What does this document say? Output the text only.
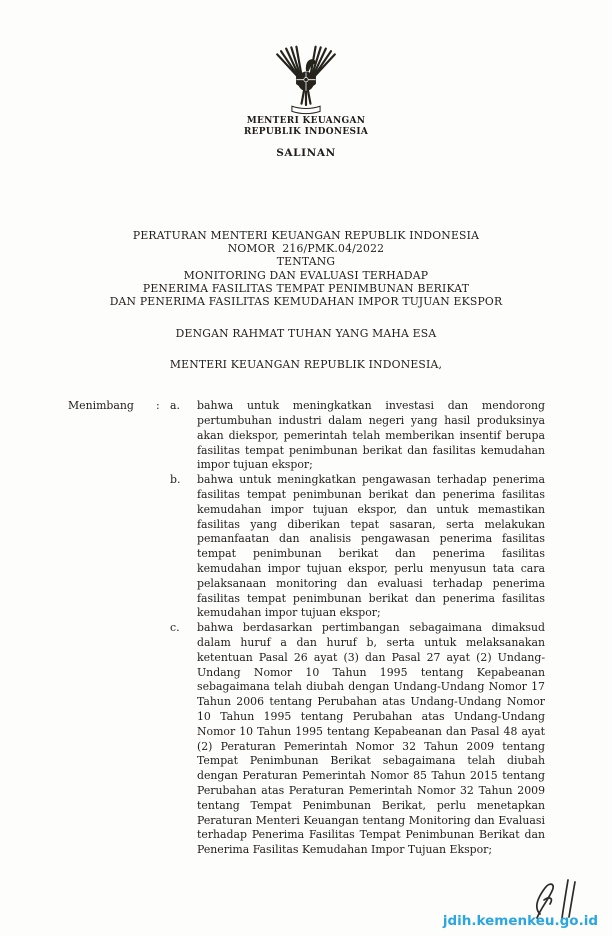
MENTERI KEUANGAN
REPUBLIK INDONESIA
SALINAN
PERATURAN MENTERI KEUANGAN REPUBLIK INDONESIA
NOMOR  216/PMK.04/2022
TENTANG
MONITORING DAN EVALUASI TERHADAP
PENERIMA FASILITAS TEMPAT PENIMBUNAN BERIKAT
DAN PENERIMA FASILITAS KEMUDAHAN IMPOR TUJUAN EKSPOR
DENGAN RAHMAT TUHAN YANG MAHA ESA
MENTERI KEUANGAN REPUBLIK INDONESIA,
Menimbang	: a.	bahwa untuk meningkatkan investasi dan mendorong pertumbuhan industri dalam negeri yang hasil produksinya akan diekspor, pemerintah telah memberikan insentif berupa fasilitas tempat penimbunan berikat dan fasilitas kemudahan impor tujuan ekspor;
b.	bahwa untuk meningkatkan pengawasan terhadap penerima fasilitas tempat penimbunan berikat dan penerima fasilitas kemudahan impor tujuan ekspor, dan untuk memastikan fasilitas yang diberikan tepat sasaran, serta melakukan pemanfaatan dan analisis pengawasan penerima fasilitas tempat penimbunan berikat dan penerima fasilitas kemudahan impor tujuan ekspor, perlu menyusun tata cara pelaksanaan monitoring dan evaluasi terhadap penerima fasilitas tempat penimbunan berikat dan penerima fasilitas kemudahan impor tujuan ekspor;
c.	bahwa berdasarkan pertimbangan sebagaimana dimaksud dalam huruf a dan huruf b, serta untuk melaksanakan ketentuan Pasal 26 ayat (3) dan Pasal 27 ayat (2) Undang-Undang Nomor 10 Tahun 1995 tentang Kepabeanan sebagaimana telah diubah dengan Undang-Undang Nomor 17 Tahun 2006 tentang Perubahan atas Undang-Undang Nomor 10 Tahun 1995 tentang Perubahan atas Undang-Undang Nomor 10 Tahun 1995 tentang Kepabeanan dan Pasal 48 ayat (2) Peraturan Pemerintah Nomor 32 Tahun 2009 tentang Tempat Penimbunan Berikat sebagaimana telah diubah dengan Peraturan Pemerintah Nomor 85 Tahun 2015 tentang Perubahan atas Peraturan Pemerintah Nomor 32 Tahun 2009 tentang Tempat Penimbunan Berikat, perlu menetapkan Peraturan Menteri Keuangan tentang Monitoring dan Evaluasi terhadap Penerima Fasilitas Tempat Penimbunan Berikat dan Penerima Fasilitas Kemudahan Impor Tujuan Ekspor;
jdih.kemenkeu.go.id
